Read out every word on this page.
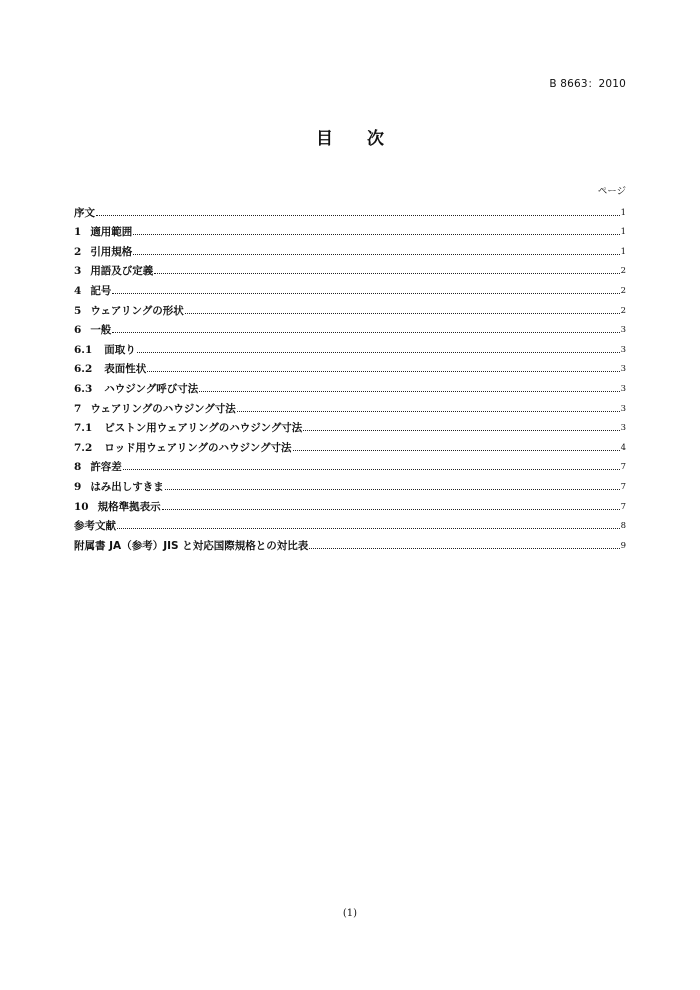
B 8663：2010
目 次
ページ
序文	1
1 適用範囲	1
2 引用規格	1
3 用語及び定義	2
4 記号	2
5 ウェアリングの形状	2
6 一般	3
6.1 面取り	3
6.2 表面性状	3
6.3 ハウジング呼び寸法	3
7 ウェアリングのハウジング寸法	3
7.1 ピストン用ウェアリングのハウジング寸法	3
7.2 ロッド用ウェアリングのハウジング寸法	4
8 許容差	7
9 はみ出しすきま	7
10 規格準拠表示	7
参考文献	8
附属書 JA（参考）JIS と対応国際規格との対比表	9
(1)
